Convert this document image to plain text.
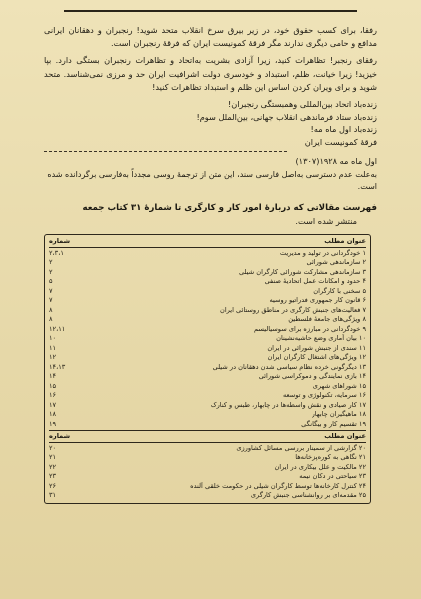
رفقا، برای کسب حقوق خود، در زیر بیرق سرخ انقلاب متحد شوید! رنجبران و دهقانان ایرانی مدافع و حامی دیگری ندارند مگر فرقهٔ کمونیست ایران که فرقهٔ رنجبران است.

رفقای رنجبر! تظاهرات کنید، زیرا آزادی بشریت به‌اتحاد و تظاهرات رنجبران بستگی دارد. بپا خیزید! زیرا خیانت، ظلم، استبداد و خودسری دولت اشرافیت ایران حد و مرزی نمی‌شناسد. متحد شوید و برای ویران کردن اساس این ظلم و استبداد تظاهرات کنید!

زنده‌باد اتحاد بین‌المللی وهمبستگی رنجبران!
زنده‌باد ستاد فرماندهی انقلاب جهانی، بین‌الملل سوم!
زنده‌باد اول ماه مه!
فرقهٔ کمونیست ایران
اول ماه مه ۱۹۲۸(۱۳۰۷)

به‌علت عدم دسترسی به‌اصل فارسی سند، این متن از ترجمهٔ روسی مجدداً به‌فارسی برگردانده شده است.

فهرست مقالاتی که دربارهٔ امور کار و کارگری تا شمارهٔ ۳۱ کتاب جمعه

منتشر شده است.

عنوان مطلب
شماره
۱ خودگردانی در تولید و مدیریت
۲،۳،۱
۲ سازماندهی شورائی
۲
۳ سازماندهی مشارکت شورائی کارگران شیلی
۲
۴ حدود و امکانات عمل اتحادیهٔ صنفی
۵
۵ سخنی با کارگران
۷
۶ قانون کار جمهوری فدراتیو روسیه
۷
۷ فعالیت‌های جنبش کارگری در مناطق روستائی ایران
۸
۸ ویژگی‌های جامعهٔ فلسطین
۸
۹ خودگردانی در مبارزه برای سوسیالیسم
۱۲،۱۱
۱۰ بیان آماری وضع حاشیه‌نشینان
۱۰
۱۱ سندی از جنبش شورائی در ایران
۱۱
۱۲ ویژگی‌های اشتغال کارگران ایران
۱۲
۱۳ دیگرگونی خرده نظام سیاسی شدن دهقانان در شیلی
۱۴،۱۳
۱۴ بازی نمایندگی و دموکراسی شورائی
۱۴
۱۵ شوراهای شهری
۱۵
۱۶ سرمایه، تکنولوژی و توسعه
۱۶
۱۷ کار صیادی و نقش واسطه‌ها در چابهار، طبس و کنارک
۱۷
۱۸ ماهیگیران چابهار
۱۸
۱۹ تقسیم کار و بیگانگی
۱۹
عنوان مطلب
شماره
۲۰ گزارشی از سمینار بررسی مسائل کشاورزی
۲۰
۲۱ نگاهی به کوره‌پزخانه‌ها
۲۱
۲۲ مالکیت و علل بیکاری در ایران
۲۲
۲۳ سیاحتی در دکان نیمه
۲۳
۲۴ کنترل کارخانه‌ها توسط کارگران شیلی در حکومت خلقی آلنده
۲۶
۲۵ مقدمه‌ای بر روانشناسی جنبش کارگری
۳۱
